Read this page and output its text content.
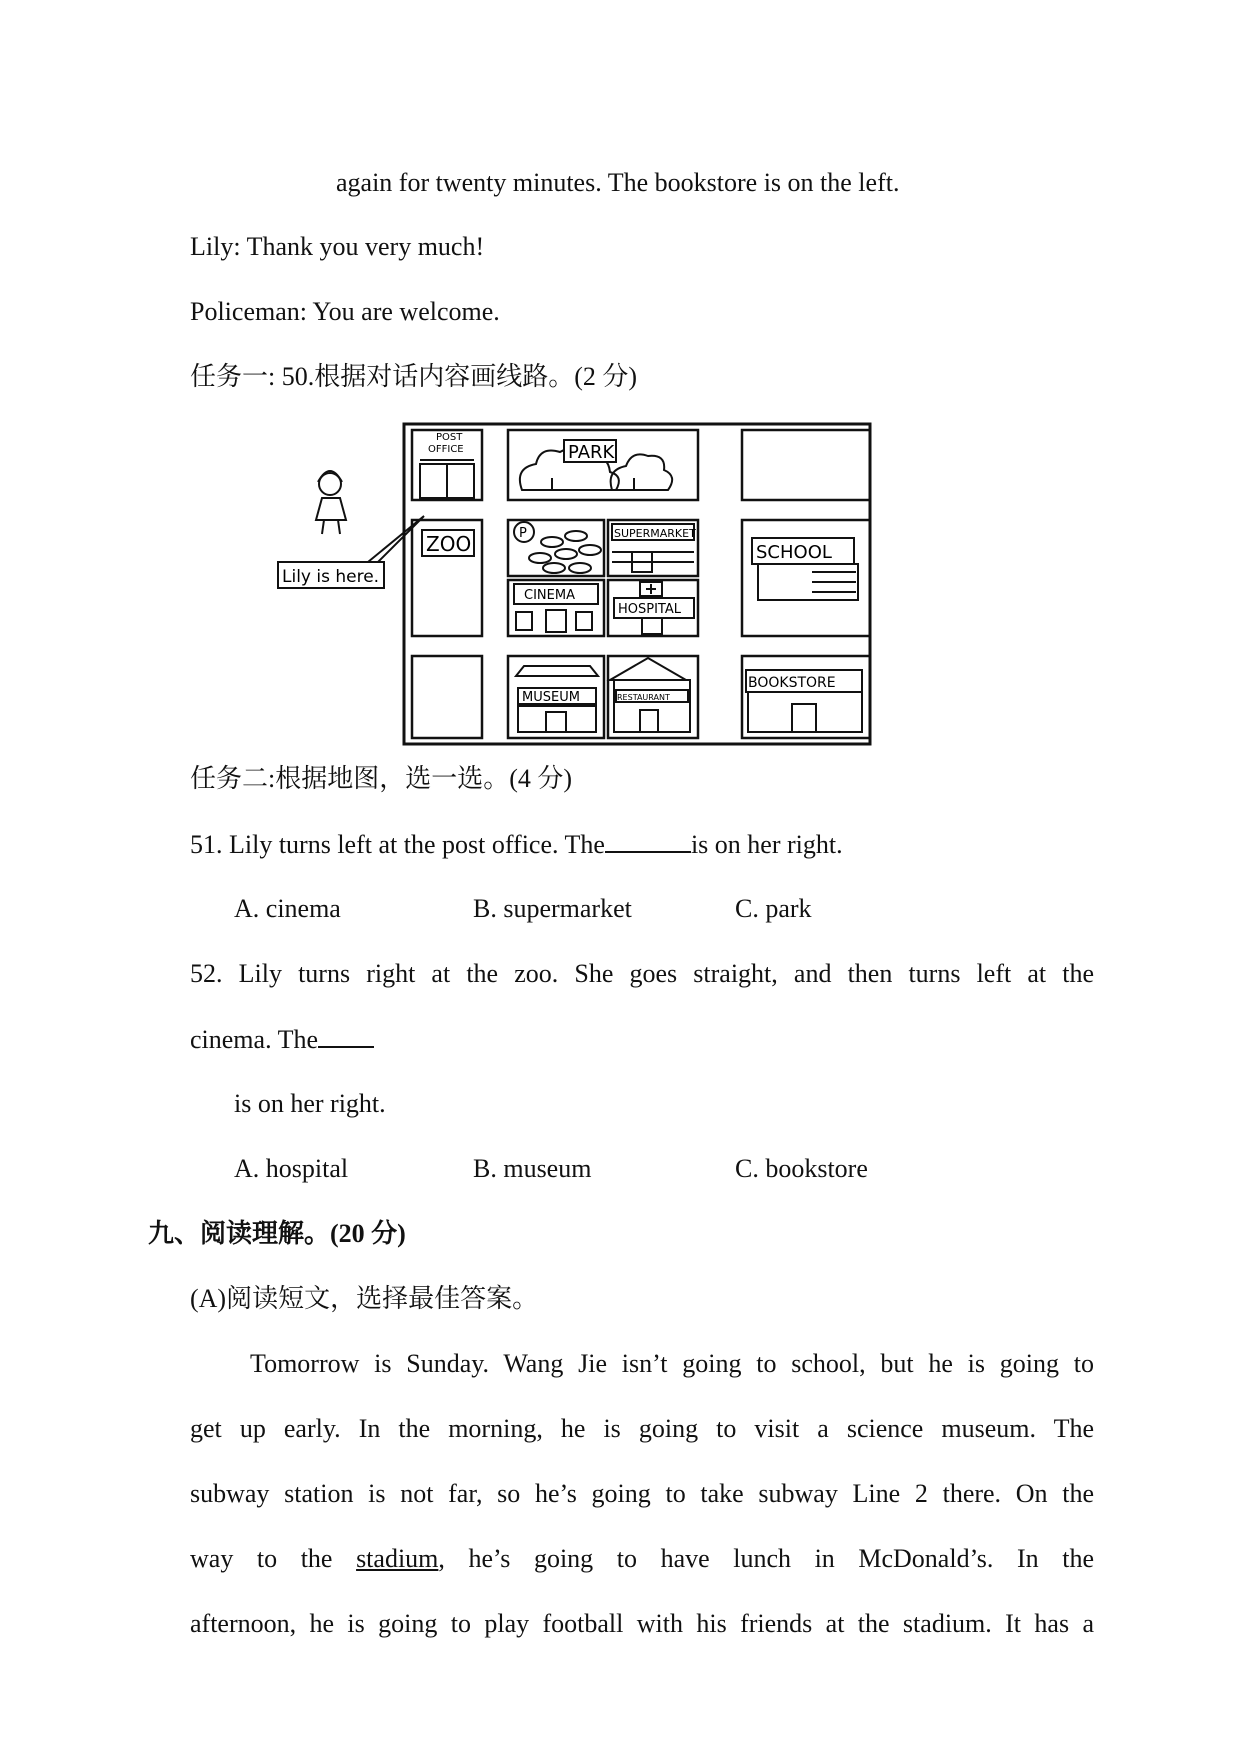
again for twenty minutes. The bookstore is on the left.
Lily: Thank you very much!
Policeman: You are welcome.
任务一: 50.根据对话内容画线路。(2 分)
POST
OFFICE	PARK
ZOO	P	SUPERMARKET
CINEMA
HOSPITAL
SCHOOL
MUSEUM	RESTAURANT
BOOKSTORE
Lily is here.
任务二:根据地图，选一选。(4 分)
51. Lily turns left at the post office. The	is on her right.
A. cinema	B. supermarket	C. park
52. Lily turns right at the zoo. She goes straight, and then turns left at the
cinema. The
is on her right.
A. hospital	B. museum	C. bookstore
九、阅读理解。(20 分)
(A)阅读短文，选择最佳答案。
Tomorrow is Sunday. Wang Jie isn’t going to school, but he is going to
get up early. In the morning, he is going to visit a science museum. The
subway station is not far, so he’s going to take subway Line 2 there. On the
way to the stadium, he’s going to have lunch in McDonald’s. In the
afternoon, he is going to play football with his friends at the stadium. It has a
